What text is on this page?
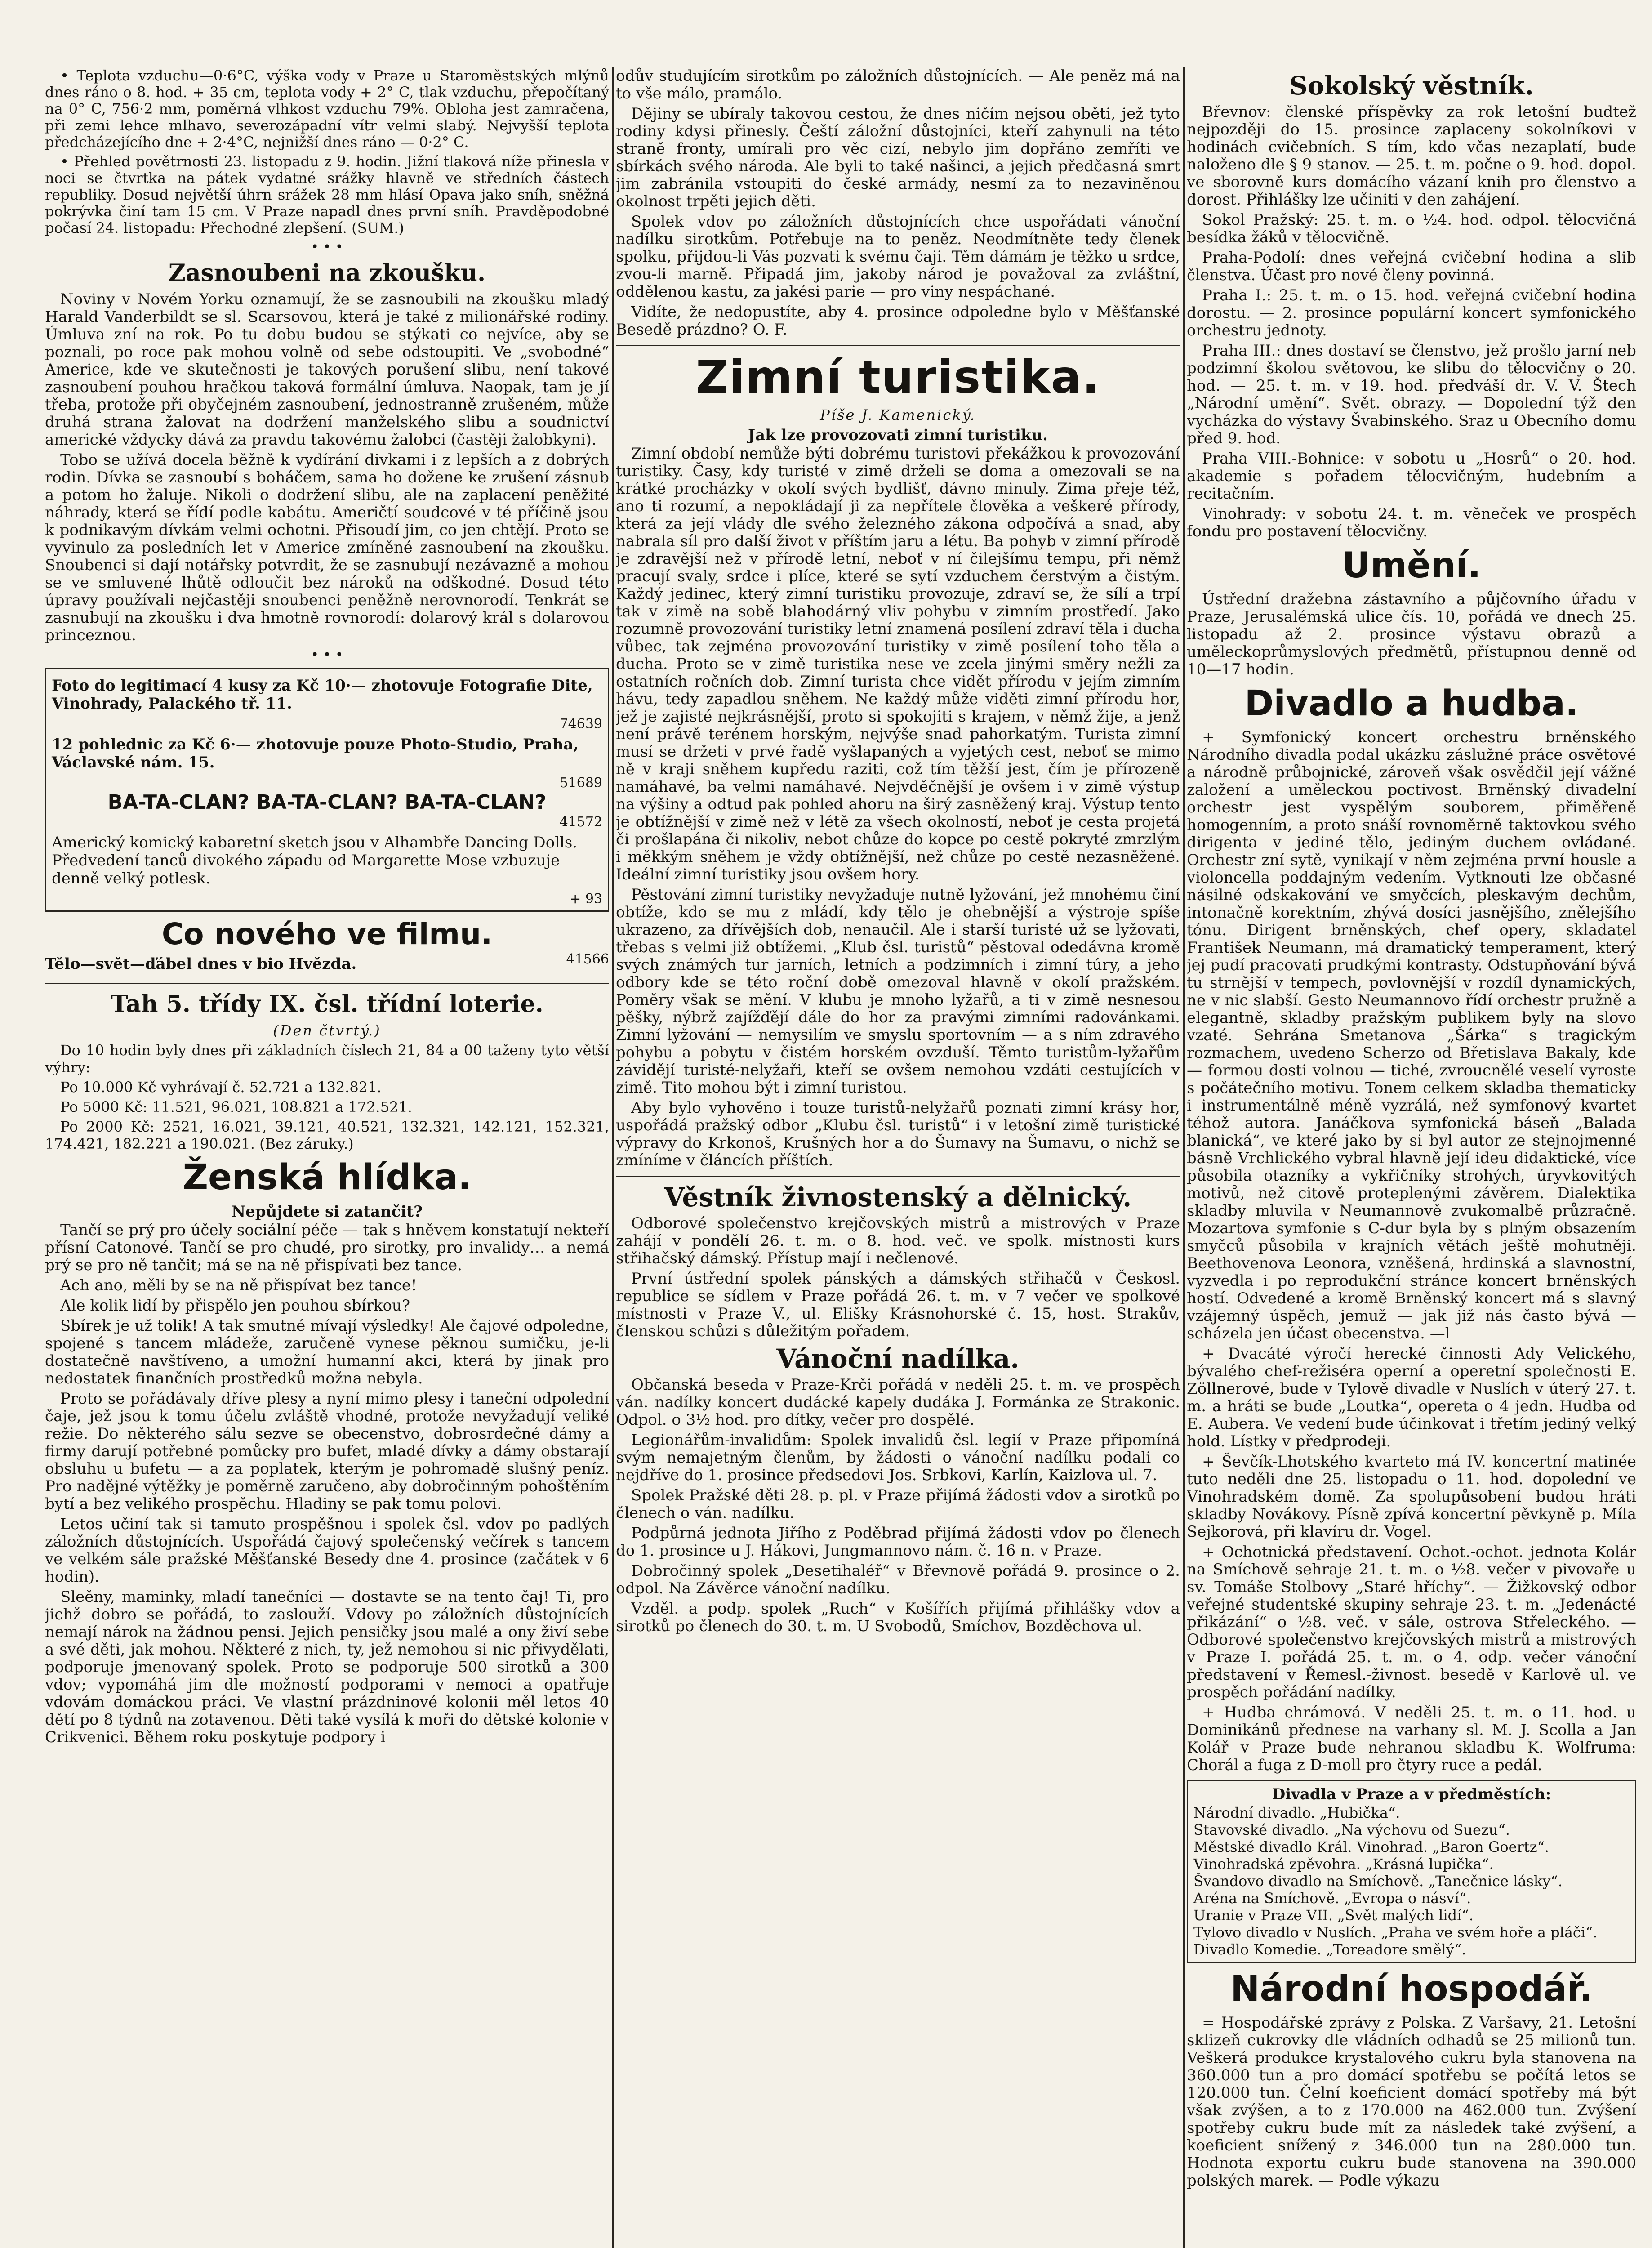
• Teplota vzduchu—0·6°C, výška vody v Praze u Staroměstských mlýnů dnes ráno o 8. hod. + 35 cm, teplota vody + 2° C, tlak vzduchu, přepočítaný na 0° C, 756·2 mm, poměrná vlhkost vzduchu 79%. Obloha jest zamračena, při zemi lehce mlhavo, severozápadní vítr velmi slabý. Nejvyšší teplota předcházejícího dne + 2·4°C, nejnižší dnes ráno — 0·2° C.

• Přehled povětrnosti 23. listopadu z 9. hodin. Jižní tlaková níže přinesla v noci se čtvrtka na pátek vydatné srážky hlavně ve středních částech republiky. Dosud největší úhrn srážek 28 mm hlásí Opava jako sníh, sněžná pokrývka činí tam 15 cm. V Praze napadl dnes první sníh. Pravděpodobné počasí 24. listopadu: Přechodné zlepšení. (SUM.)

• • •
Zasnoubeni na zkoušku.

Noviny v Novém Yorku oznamují, že se zasnoubili na zkoušku mladý Harald Vanderbildt se sl. Scarsovou, která je také z milionářské rodiny. Úmluva zní na rok. Po tu dobu budou se stýkati co nejvíce, aby se poznali, po roce pak mohou volně od sebe odstoupiti. Ve „svobodné“ Americe, kde ve skutečnosti je takových porušení slibu, není takové zasnoubení pouhou hračkou taková formální úmluva. Naopak, tam je jí třeba, protože při obyčejném zasnoubení, jednostranně zrušeném, může druhá strana žalovat na dodržení manželského slibu a soudnictví americké vždycky dává za pravdu takovému žalobci (častěji žalobkyni).

Tobo se užívá docela běžně k vydírání divkami i z lepších a z dobrých rodin. Dívka se zasnoubí s boháčem, sama ho dožene ke zrušení zásnub a potom ho žaluje. Nikoli o dodržení slibu, ale na zaplacení peněžité náhrady, která se řídí podle kabátu. Američtí soudcové v té příčině jsou k podnikavým dívkám velmi ochotni. Přisoudí jim, co jen chtějí. Proto se vyvinulo za posledních let v Americe zmíněné zasnoubení na zkoušku. Snoubenci si dají notářsky potvrdit, že se zasnubují nezávazně a mohou se ve smluvené lhůtě odloučit bez nároků na odškodné. Dosud této úpravy používali nejčastěji snoubenci peněžně nerovnorodí. Tenkrát se zasnubují na zkoušku i dva hmotně rovnorodí: dolarový král s dolarovou princeznou.

• • •
Foto do legitimací 4 kusy za Kč 10·— zhotovuje Fotografie Dite, Vinohrady, Palackého tř. 11.
74639
12 pohlednic za Kč 6·— zhotovuje pouze Photo-Studio, Praha, Václavské nám. 15.
51689
BA-TA-CLAN? BA-TA-CLAN? BA-TA-CLAN?
41572
Americký komický kabaretní sketch jsou v Alhambře Dancing Dolls. Předvedení tanců divokého západu od Margarette Mose vzbuzuje denně velký potlesk.
+ 93
Co nového ve filmu.
Tělo—svět—ďábel dnes v bio Hvězda.	41566
Tah 5. třídy IX. čsl. třídní loterie.
(Den čtvrtý.)

Do 10 hodin byly dnes při základních číslech 21, 84 a 00 taženy tyto větší výhry:

Po 10.000 Kč vyhrávají č. 52.721 a 132.821.

Po 5000 Kč: 11.521, 96.021, 108.821 a 172.521.

Po 2000 Kč: 2521, 16.021, 39.121, 40.521, 132.321, 142.121, 152.321, 174.421, 182.221 a 190.021. (Bez záruky.)

Ženská hlídka.
Nepůjdete si zatančit?

Tančí se prý pro účely sociální péče — tak s hněvem konstatují nekteří přísní Catonové. Tančí se pro chudé, pro sirotky, pro invalidy… a nemá prý se pro ně tančit; má se na ně přispívati bez tance.

Ach ano, měli by se na ně přispívat bez tance!

Ale kolik lidí by přispělo jen pouhou sbírkou?

Sbírek je už tolik! A tak smutné mívají výsledky! Ale čajové odpoledne, spojené s tancem mládeže, zaručeně vynese pěknou sumičku, je-li dostatečně navštíveno, a umožní humanní akci, která by jinak pro nedostatek finančních prostředků možna nebyla.

Proto se pořádávaly dříve plesy a nyní mimo plesy i taneční odpolední čaje, jež jsou k tomu účelu zvláště vhodné, protože nevyžadují veliké režie. Do některého sálu sezve se obecenstvo, dobrosrdečné dámy a firmy darují potřebné pomůcky pro bufet, mladé dívky a dámy obstarají obsluhu u bufetu — a za poplatek, kterým je pohromadě slušný peníz. Pro nadějné výtěžky je poměrně zaručeno, aby dobročinným pohoštěním bytí a bez velikého prospěchu. Hladiny se pak tomu polovi.

Letos učiní tak si tamuto prospěšnou i spolek čsl. vdov po padlých záložních důstojnících. Uspořádá čajový společenský večírek s tancem ve velkém sále pražské Měšťanské Besedy dne 4. prosince (začátek v 6 hodin).

Sleěny, maminky, mladí tanečníci — dostavte se na tento čaj! Ti, pro jichž dobro se pořádá, to zaslouží. Vdovy po záložních důstojnících nemají nárok na žádnou pensi. Jejich pensičky jsou malé a ony živí sebe a své děti, jak mohou. Některé z nich, ty, jež nemohou si nic přivydělati, podporuje jmenovaný spolek. Proto se podporuje 500 sirotků a 300 vdov; vypomáhá jim dle možností podporami v nemoci a opatřuje vdovám domáckou práci. Ve vlastní prázdninové kolonii měl letos 40 dětí po 8 týdnů na zotavenou. Děti také vysílá k moři do dětské kolonie v Crikvenici. Během roku poskytuje podpory i

odův studujícím sirotkům po záložních důstojnících. — Ale peněz má na to vše málo, pramálo.

Dějiny se ubíraly takovou cestou, že dnes ničím nejsou oběti, jež tyto rodiny kdysi přinesly. Čeští záložní důstojníci, kteří zahynuli na této straně fronty, umírali pro věc cizí, nebylo jim dopřáno zemříti ve sbírkách svého národa. Ale byli to také našinci, a jejich předčasná smrt jim zabránila vstoupiti do české armády, nesmí za to nezaviněnou okolnost trpěti jejich děti.

Spolek vdov po záložních důstojnících chce uspořádati vánoční nadílku sirotkům. Potřebuje na to peněz. Neodmítněte tedy členek spolku, přijdou-li Vás pozvati k svému čaji. Těm dámám je těžko u srdce, zvou-li marně. Připadá jim, jakoby národ je považoval za zvláštní, oddělenou kastu, za jakési parie — pro viny nespáchané.

Vidíte, že nedopustíte, aby 4. prosince odpoledne bylo v Měšťanské Besedě prázdno? O. F.

Zimní turistika.
Píše J. Kamenický.
Jak lze provozovati zimní turistiku.

Zimní období nemůže býti dobrému turistovi překážkou k provozování turistiky. Časy, kdy turisté v zimě drželi se doma a omezovali se na krátké procházky v okolí svých bydlišť, dávno minuly. Zima přeje též, ano ti rozumí, a nepokládají ji za nepřítele člověka a veškeré přírody, která za její vlády dle svého železného zákona odpočívá a snad, aby nabrala síl pro další život v příštím jaru a létu. Ba pohyb v zimní přírodě je zdravější než v přírodě letní, neboť v ní čilejšímu tempu, při němž pracují svaly, srdce i plíce, které se sytí vzduchem čerstvým a čistým. Každý jedinec, který zimní turistiku provozuje, zdraví se, že sílí a trpí tak v zimě na sobě blahodárný vliv pohybu v zimním prostředí. Jako rozumně provozování turistiky letní znamená posílení zdraví těla i ducha vůbec, tak zejména provozování turistiky v zimě posílení toho těla a ducha. Proto se v zimě turistika nese ve zcela jinými směry nežli za ostatních ročních dob. Zimní turista chce vidět přírodu v jejím zimním hávu, tedy zapadlou sněhem. Ne každý může viděti zimní přírodu hor, jež je zajisté nejkrásnější, proto si spokojiti s krajem, v němž žije, a jenž není právě terénem horským, nejvýše snad pahorkatým. Turista zimní musí se držeti v prvé řadě vyšlapaných a vyjetých cest, neboť se mimo ně v kraji sněhem kupředu raziti, což tím těžší jest, čím je přírozeně namáhavé, ba velmi namáhavé. Nejvděčnější je ovšem i v zimě výstup na výšiny a odtud pak pohled ahoru na širý zasněžený kraj. Výstup tento je obtížnější v zimě než v létě za všech okolností, neboť je cesta projetá či prošlapána či nikoliv, nebot chůze do kopce po cestě pokryté zmrzlým i měkkým sněhem je vždy obtížnější, než chůze po cestě nezasněžené. Ideální zimní turistiky jsou ovšem hory.

Pěstování zimní turistiky nevyžaduje nutně lyžování, jež mnohému činí obtíže, kdo se mu z mládí, kdy tělo je ohebnější a výstroje spíše ukrazeno, za dřívějších dob, nenaučil. Ale i starší turisté už se lyžovati, třebas s velmi již obtížemi. „Klub čsl. turistů“ pěstoval odedávna kromě svých známých tur jarních, letních a podzimních i zimní túry, a jeho odbory kde se této roční době omezoval hlavně v okolí pražském. Poměry však se mění. V klubu je mnoho lyžařů, a ti v zimě nesnesou pěšky, nýbrž zajížďějí dále do hor za pravými zimními radovánkami. Zimní lyžování — nemysilím ve smyslu sportovním — a s ním zdravého pohybu a pobytu v čistém horském ovzduší. Těmto turistům-lyžařům závidějí turisté-nelyžaři, kteří se ovšem nemohou vzdáti cestujících v zimě. Tito mohou být i zimní turistou.

Aby bylo vyhověno i touze turistů-nelyžařů poznati zimní krásy hor, uspořádá pražský odbor „Klubu čsl. turistů“ i v letošní zimě turistické výpravy do Krkonoš, Krušných hor a do Šumavy na Šumavu, o nichž se zmíníme v článcích příštích.

Věstník živnostenský a dělnický.

Odborové společenstvo krejčovských mistrů a mistrových v Praze zahájí v pondělí 26. t. m. o 8. hod. več. ve spolk. místnosti kurs střihačský dámský. Přístup mají i nečlenové.

První ústřední spolek pánských a dámských střihačů v Českosl. republice se sídlem v Praze pořádá 26. t. m. v 7 večer ve spolkové místnosti v Praze V., ul. Elišky Krásnohorské č. 15, host. Strakův, členskou schůzi s důležitým pořadem.

Vánoční nadílka.

Občanská beseda v Praze-Krči pořádá v neděli 25. t. m. ve prospěch ván. nadílky koncert dudácké kapely dudáka J. Formánka ze Strakonic. Odpol. o 3½ hod. pro dítky, večer pro dospělé.

Legionářům-invalidům: Spolek invalidů čsl. legií v Praze připomíná svým nemajetným členům, by žádosti o vánoční nadílku podali co nejdříve do 1. prosince předsedovi Jos. Srbkovi, Karlín, Kaizlova ul. 7.

Spolek Pražské děti 28. p. pl. v Praze přijímá žádosti vdov a sirotků po členech o ván. nadílku.

Podpůrná jednota Jiřího z Poděbrad přijímá žádosti vdov po členech do 1. prosince u J. Hákovi, Jungmannovo nám. č. 16 n. v Praze.

Dobročinný spolek „Desetihaléř“ v Břevnově pořádá 9. prosince o 2. odpol. Na Závěrce vánoční nadílku.

Vzděl. a podp. spolek „Ruch“ v Košířích přijímá přihlášky vdov a sirotků po členech do 30. t. m. U Svobodů, Smíchov, Bozděchova ul.

Sokolský věstník.

Břevnov: členské příspěvky za rok letošní budtež nejpozději do 15. prosince zaplaceny sokolníkovi v hodinách cvičebních. S tím, kdo včas nezaplatí, bude naloženo dle § 9 stanov. — 25. t. m. počne o 9. hod. dopol. ve sborovně kurs domácího vázaní knih pro členstvo a dorost. Přihlášky lze učiniti v den zahájení.

Sokol Pražský: 25. t. m. o ½4. hod. odpol. tělocvičná besídka žáků v tělocvičně.

Praha-Podolí: dnes veřejná cvičební hodina a slib členstva. Účast pro nové členy povinná.

Praha I.: 25. t. m. o 15. hod. veřejná cvičební hodina dorostu. — 2. prosince populární koncert symfonického orchestru jednoty.

Praha III.: dnes dostaví se členstvo, jež prošlo jarní neb podzimní školou světovou, ke slibu do tělocvičny o 20. hod. — 25. t. m. v 19. hod. předváší dr. V. V. Štech „Národní umění“. Svět. obrazy. — Dopolední týž den vycházka do výstavy Švabinského. Sraz u Obecního domu před 9. hod.

Praha VIII.-Bohnice: v sobotu u „Hosrů“ o 20. hod. akademie s pořadem tělocvičným, hudebním a recitačním.

Vinohrady: v sobotu 24. t. m. věneček ve prospěch fondu pro postavení tělocvičny.

Umění.

Ústřední dražebna zástavního a půjčovního úřadu v Praze, Jerusalémská ulice čís. 10, pořádá ve dnech 25. listopadu až 2. prosince výstavu obrazů a uměleckoprůmyslových předmětů, přístupnou denně od 10—17 hodin.

Divadlo a hudba.

+ Symfonický koncert orchestru brněnského Národního divadla podal ukázku záslužné práce osvětové a národně průbojnické, zároveň však osvědčil její vážné založení a uměleckou poctivost. Brněnský divadelní orchestr jest vyspělým souborem, přiměřeně homogenním, a proto snáší rovnoměrně taktovkou svého dirigenta v jediné tělo, jediným duchem ovládané. Orchestr zní sytě, vynikají v něm zejména první housle a violoncella poddajným vedením. Vytknouti lze občasné násilné odskakování ve smyčcích, pleskavým dechům, intonačně korektním, zhývá dosíci jasnějšího, znělejšího tónu. Dirigent brněnských, chef opery, skladatel František Neumann, má dramatický temperament, který jej pudí pracovati prudkými kontrasty. Odstupňování bývá tu strnější v tempech, povlovnější v rozdíl dynamických, ne v nic slabší. Gesto Neumannovo řídí orchestr pružně a elegantně, skladby pražským publikem byly na slovo vzaté. Sehrána Smetanova „Šárka“ s tragickým rozmachem, uvedeno Scherzo od Břetislava Bakaly, kde — formou dosti volnou — tiché, zvroucnělé veselí vyroste s počátečního motivu. Tonem celkem skladba thematicky i instrumentálně méně vyzrálá, než symfonový kvartet téhož autora. Janáčkova symfonická báseň „Balada blanická“, ve které jako by si byl autor ze stejnojmenné básně Vrchlického vybral hlavně její ideu didaktické, více působila otazníky a vykřičníky strohých, úryvkovitých motivů, než citově proteplenými závěrem. Dialektika skladby mluvila v Neumannově zvukomalbě průzračně. Mozartova symfonie s C-dur byla by s plným obsazením smyčců působila v krajních větách ještě mohutněji. Beethovenova Leonora, vzněšená, hrdinská a slavnostní, vyzvedla i po reprodukční stránce koncert brněnských hostí. Odvedené a kromě Brněnský koncert má s slavný vzájemný úspěch, jemuž — jak již nás často bývá — scházela jen účast obecenstva. —l

+ Dvacáté výročí herecké činnosti Ady Velického, bývalého chef-režiséra operní a operetní společnosti E. Zöllnerové, bude v Tylově divadle v Nuslích v úterý 27. t. m. a hráti se bude „Loutka“, opereta o 4 jedn. Hudba od E. Aubera. Ve vedení bude účinkovat i třetím jediný velký hold. Lístky v předprodeji.

+ Ševčík-Lhotského kvarteto má IV. koncertní matinée tuto neděli dne 25. listopadu o 11. hod. dopolední ve Vinohradském domě. Za spolupůsobení budou hráti skladby Novákovy. Písně zpívá koncertní pěvkyně p. Míla Sejkorová, při klavíru dr. Vogel.

+ Ochotnická představení. Ochot.-ochot. jednota Kolár na Smíchově sehraje 21. t. m. o ½8. večer v pivovaře u sv. Tomáše Stolbovy „Staré hříchy“. — Žižkovský odbor veřejné studentské skupiny sehraje 23. t. m. „Jedenácté přikázání“ o ½8. več. v sále, ostrova Střeleckého. — Odborové společenstvo krejčovských mistrů a mistrových v Praze I. pořádá 25. t. m. o 4. odp. večer vánoční představení v Řemesl.-živnost. besedě v Karlově ul. ve prospěch pořádání nadílky.

+ Hudba chrámová. V neděli 25. t. m. o 11. hod. u Dominikánů přednese na varhany sl. M. J. Scolla a Jan Kolář v Praze bude nehranou skladbu K. Wolfruma: Chorál a fuga z D-moll pro čtyry ruce a pedál.

Divadla v Praze a v předměstích:

Národní divadlo. „Hubička“.

Stavovské divadlo. „Na výchovu od Suezu“.

Městské divadlo Král. Vinohrad. „Baron Goertz“.

Vinohradská zpěvohra. „Krásná lupička“.

Švandovo divadlo na Smíchově. „Tanečnice lásky“.

Aréna na Smíchově. „Evropa o násví“.

Uranie v Praze VII. „Svět malých lidí“.

Tylovo divadlo v Nuslích. „Praha ve svém hoře a pláči“.

Divadlo Komedie. „Toreadore smělý“.

Národní hospodář.

= Hospodářské zprávy z Polska. Z Varšavy, 21. Letošní sklizeň cukrovky dle vládních odhadů se 25 milionů tun. Veškerá produkce krystalového cukru byla stanovena na 360.000 tun a pro domácí spotřebu se počítá letos se 120.000 tun. Čelní koeficient domácí spotřeby má být však zvýšen, a to z 170.000 na 462.000 tun. Zvýšení spotřeby cukru bude mít za následek také zvýšení, a koeficient snížený z 346.000 tun na 280.000 tun. Hodnota exportu cukru bude stanovena na 390.000 polských marek. — Podle výkazu
